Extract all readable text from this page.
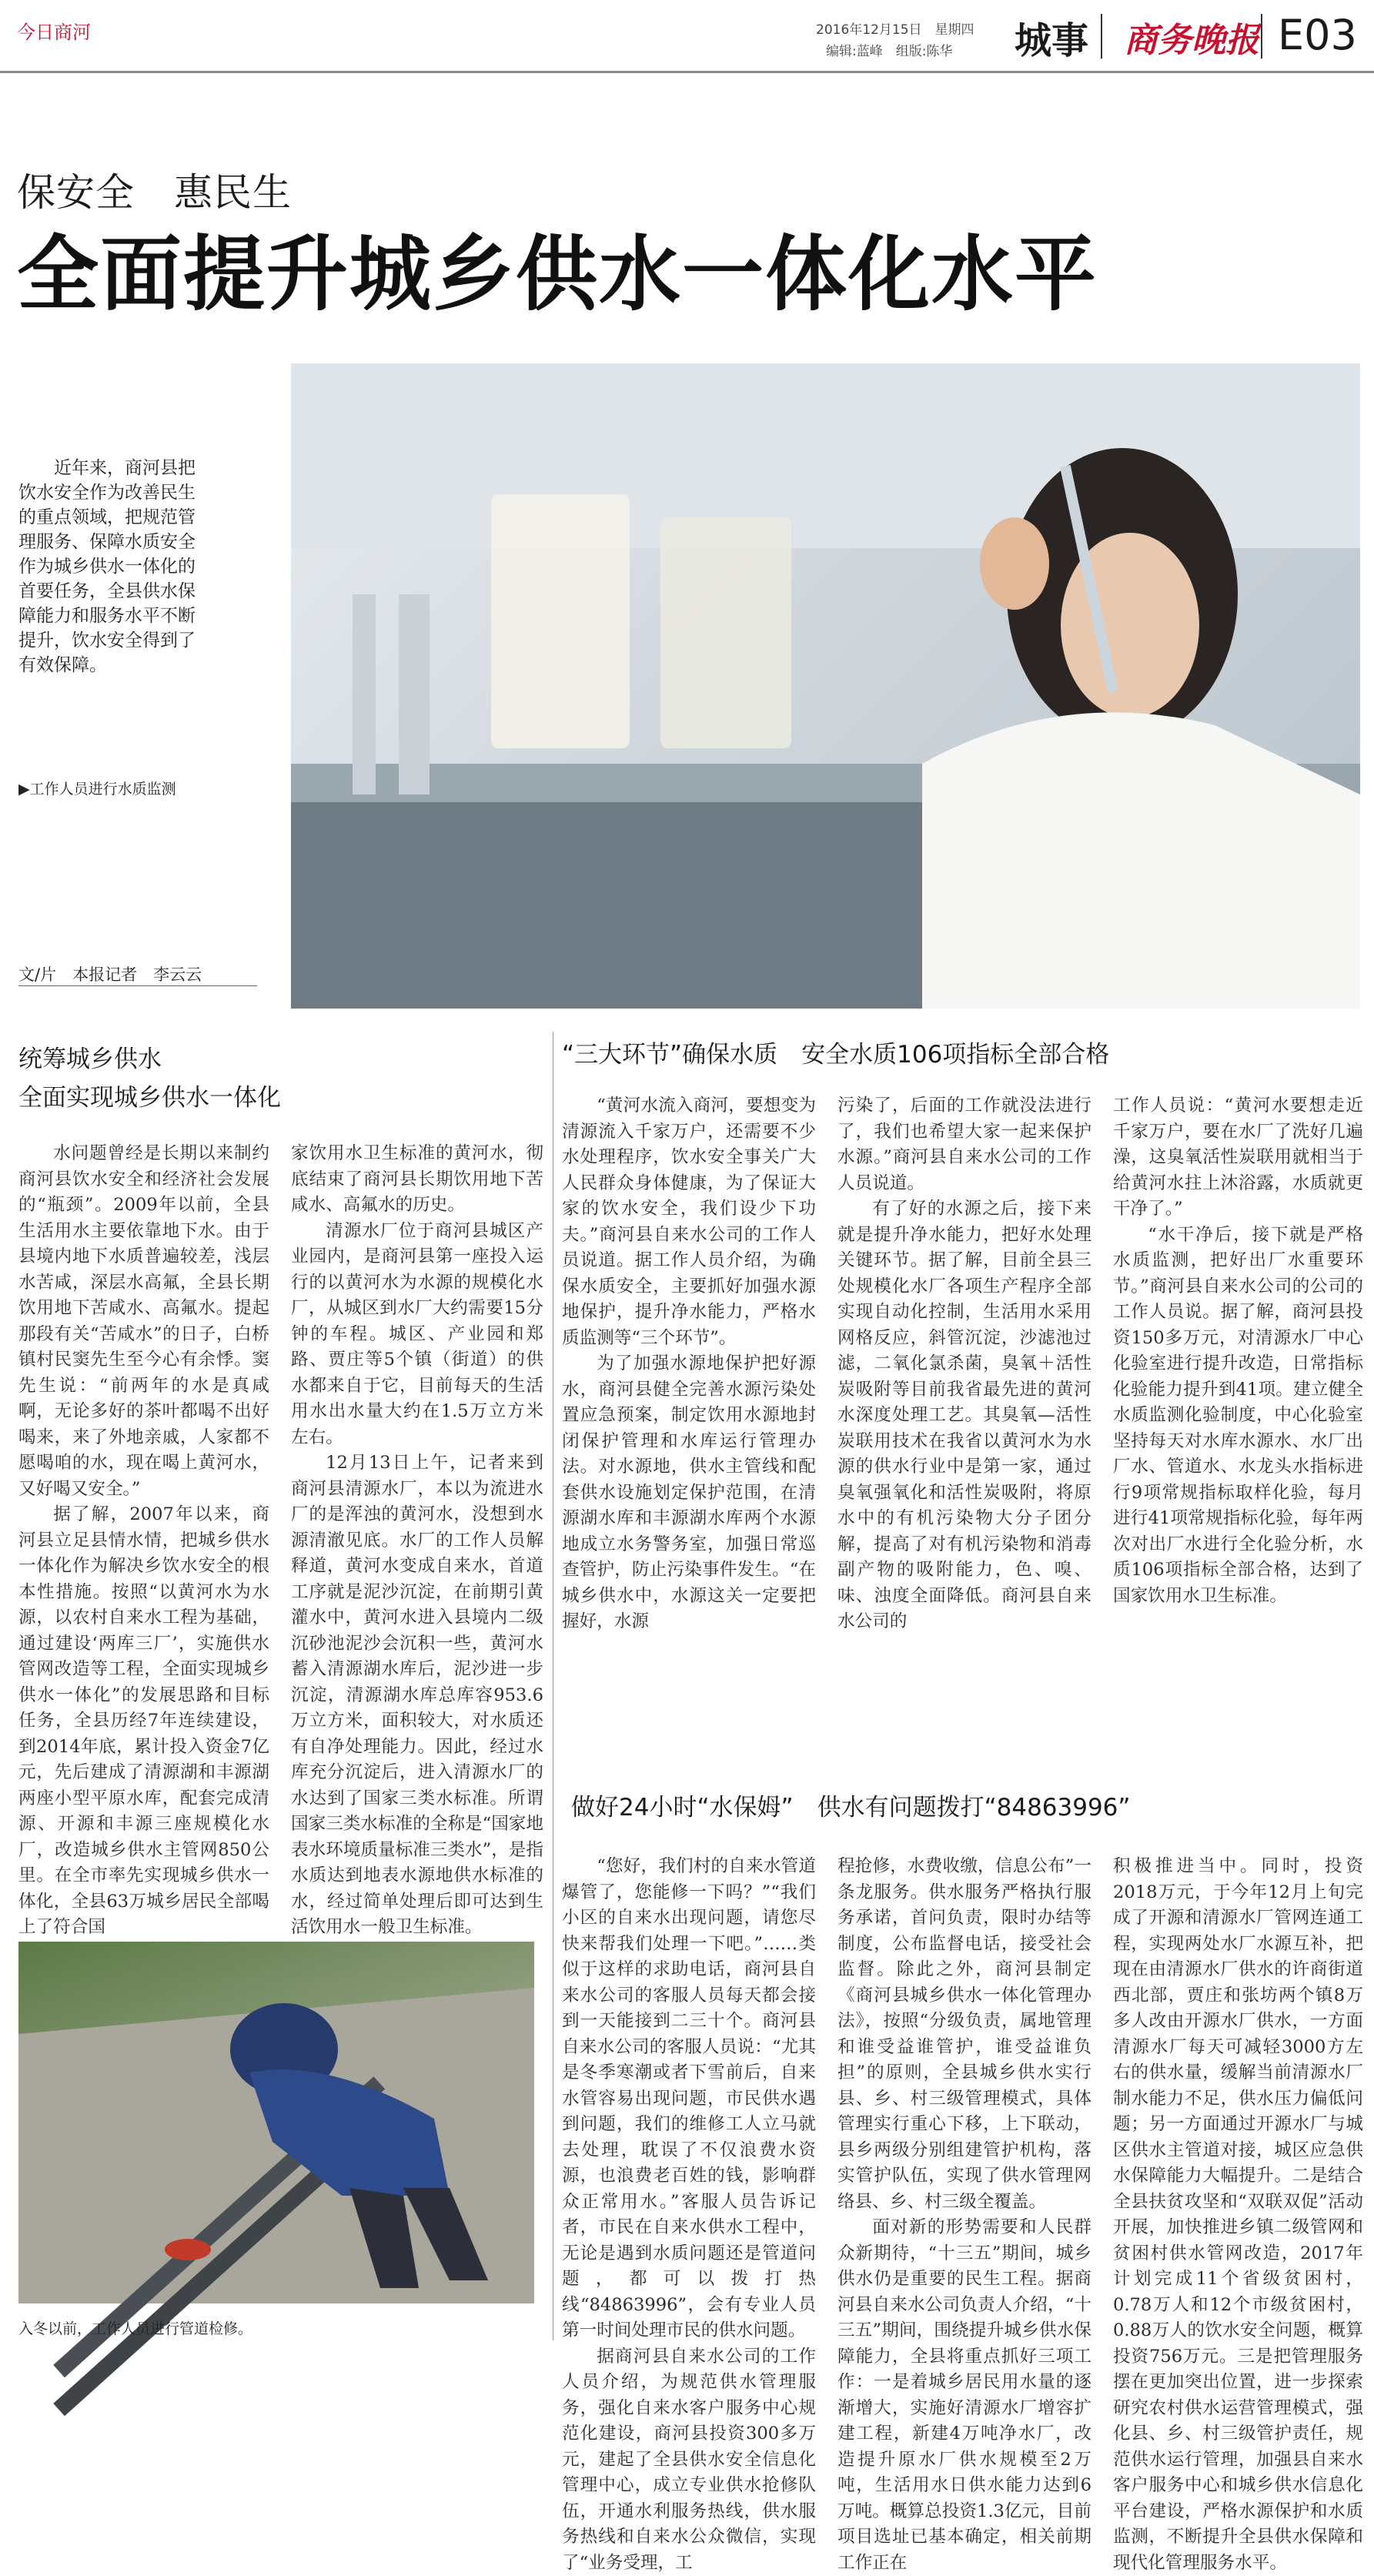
今日商河	2016年12月15日　星期四
编辑:蓝峰　组版:陈华 城事 商务晚报 E03
保安全　惠民生
全面提升城乡供水一体化水平
近年来，商河县把饮水安全作为改善民生的重点领域，把规范管理服务、保障水质安全作为城乡供水一体化的首要任务，全县供水保障能力和服务水平不断提升，饮水安全得到了有效保障。
▶工作人员进行水质监测
文/片　本报记者　李云云
统筹城乡供水
全面实现城乡供水一体化

水问题曾经是长期以来制约商河县饮水安全和经济社会发展的“瓶颈”。2009年以前，全县生活用水主要依靠地下水。由于县境内地下水质普遍较差，浅层水苦咸，深层水高氟，全县长期饮用地下苦咸水、高氟水。提起那段有关“苦咸水”的日子，白桥镇村民窦先生至今心有余悸。窦先生说：“前两年的水是真咸啊，无论多好的茶叶都喝不出好喝来，来了外地亲戚，人家都不愿喝咱的水，现在喝上黄河水，又好喝又安全。”

据了解，2007年以来，商河县立足县情水情，把城乡供水一体化作为解决乡饮水安全的根本性措施。按照“以黄河水为水源，以农村自来水工程为基础，通过建设‘两库三厂’，实施供水管网改造等工程，全面实现城乡供水一体化”的发展思路和目标任务，全县历经7年连续建设，到2014年底，累计投入资金7亿元，先后建成了清源湖和丰源湖两座小型平原水库，配套完成清源、开源和丰源三座规模化水厂，改造城乡供水主管网850公里。在全市率先实现城乡供水一体化，全县63万城乡居民全部喝上了符合国

家饮用水卫生标准的黄河水，彻底结束了商河县长期饮用地下苦咸水、高氟水的历史。

清源水厂位于商河县城区产业园内，是商河县第一座投入运行的以黄河水为水源的规模化水厂，从城区到水厂大约需要15分钟的车程。城区、产业园和郑路、贾庄等5个镇（街道）的供水都来自于它，目前每天的生活用水出水量大约在1.5万立方米左右。

12月13日上午，记者来到商河县清源水厂，本以为流进水厂的是浑浊的黄河水，没想到水源清澈见底。水厂的工作人员解释道，黄河水变成自来水，首道工序就是泥沙沉淀，在前期引黄灌水中，黄河水进入县境内二级沉砂池泥沙会沉积一些，黄河水蓄入清源湖水库后，泥沙进一步沉淀，清源湖水库总库容953.6万立方米，面积较大，对水质还有自净处理能力。因此，经过水库充分沉淀后，进入清源水厂的水达到了国家三类水标准。所谓国家三类水标准的全称是“国家地表水环境质量标准三类水”，是指水质达到地表水源地供水标准的水，经过简单处理后即可达到生活饮用水一般卫生标准。

“三大环节”确保水质　安全水质106项指标全部合格

“黄河水流入商河，要想变为清源流入千家万户，还需要不少水处理程序，饮水安全事关广大人民群众身体健康，为了保证大家的饮水安全，我们设少下功夫。”商河县自来水公司的工作人员说道。据工作人员介绍，为确保水质安全，主要抓好加强水源地保护，提升净水能力，严格水质监测等“三个环节”。

为了加强水源地保护把好源水，商河县健全完善水源污染处置应急预案，制定饮用水源地封闭保护管理和水库运行管理办法。对水源地，供水主管线和配套供水设施划定保护范围，在清源湖水库和丰源湖水库两个水源地成立水务警务室，加强日常巡查管护，防止污染事件发生。“在城乡供水中，水源这关一定要把握好，水源

污染了，后面的工作就没法进行了，我们也希望大家一起来保护水源。”商河县自来水公司的工作人员说道。

有了好的水源之后，接下来就是提升净水能力，把好水处理关键环节。据了解，目前全县三处规模化水厂各项生产程序全部实现自动化控制，生活用水采用网格反应，斜管沉淀，沙滤池过滤，二氧化氯杀菌，臭氧＋活性炭吸附等目前我省最先进的黄河水深度处理工艺。其臭氧—活性炭联用技术在我省以黄河水为水源的供水行业中是第一家，通过臭氧强氧化和活性炭吸附，将原水中的有机污染物大分子团分解，提高了对有机污染物和消毒副产物的吸附能力，色、嗅、味、浊度全面降低。商河县自来水公司的

工作人员说：“黄河水要想走近千家万户，要在水厂了洗好几遍澡，这臭氧活性炭联用就相当于给黄河水拄上沐浴露，水质就更干净了。”

“水干净后，接下就是严格水质监测，把好出厂水重要环节。”商河县自来水公司的公司的工作人员说。据了解，商河县投资150多万元，对清源水厂中心化验室进行提升改造，日常指标化验能力提升到41项。建立健全水质监测化验制度，中心化验室坚持每天对水库水源水、水厂出厂水、管道水、水龙头水指标进行9项常规指标取样化验，每月进行41项常规指标化验，每年两次对出厂水进行全化验分析，水质106项指标全部合格，达到了国家饮用水卫生标准。

做好24小时“水保姆”　供水有问题拨打“84863996”

“您好，我们村的自来水管道爆管了，您能修一下吗？”“我们小区的自来水出现问题，请您尽快来帮我们处理一下吧。”……类似于这样的求助电话，商河县自来水公司的客服人员每天都会接到一天能接到二三十个。商河县自来水公司的客服人员说：“尤其是冬季寒潮或者下雪前后，自来水管容易出现问题，市民供水遇到问题，我们的维修工人立马就去处理，耽误了不仅浪费水资源，也浪费老百姓的钱，影响群众正常用水。”客服人员告诉记者，市民在自来水供水工程中，无论是遇到水质问题还是管道问题，都可以拨打热线“84863996”，会有专业人员第一时间处理市民的供水问题。

据商河县自来水公司的工作人员介绍，为规范供水管理服务，强化自来水客户服务中心规范化建设，商河县投资300多万元，建起了全县供水安全信息化管理中心，成立专业供水抢修队伍，开通水利服务热线，供水服务热线和自来水公众微信，实现了“业务受理，工

程抢修，水费收缴，信息公布”一条龙服务。供水服务严格执行服务承诺，首问负责，限时办结等制度，公布监督电话，接受社会监督。除此之外，商河县制定《商河县城乡供水一体化管理办法》，按照“分级负责，属地管理和谁受益谁管护，谁受益谁负担”的原则，全县城乡供水实行县、乡、村三级管理模式，具体管理实行重心下移，上下联动，县乡两级分别组建管护机构，落实管护队伍，实现了供水管理网络县、乡、村三级全覆盖。

面对新的形势需要和人民群众新期待，“十三五”期间，城乡供水仍是重要的民生工程。据商河县自来水公司负责人介绍，“十三五”期间，围绕提升城乡供水保障能力，全县将重点抓好三项工作：一是着城乡居民用水量的逐渐增大，实施好清源水厂增容扩建工程，新建4万吨净水厂，改造提升原水厂供水规模至2万吨，生活用水日供水能力达到6万吨。概算总投资1.3亿元，目前项目选址已基本确定，相关前期工作正在

积极推进当中。同时，投资2018万元，于今年12月上旬完成了开源和清源水厂管网连通工程，实现两处水厂水源互补，把现在由清源水厂供水的许商街道西北部，贾庄和张坊两个镇8万多人改由开源水厂供水，一方面清源水厂每天可减轻3000方左右的供水量，缓解当前清源水厂制水能力不足，供水压力偏低问题；另一方面通过开源水厂与城区供水主管道对接，城区应急供水保障能力大幅提升。二是结合全县扶贫攻坚和“双联双促”活动开展，加快推进乡镇二级管网和贫困村供水管网改造，2017年计划完成11个省级贫困村，0.78万人和12个市级贫困村，0.88万人的饮水安全问题，概算投资756万元。三是把管理服务摆在更加突出位置，进一步探索研究农村供水运营管理模式，强化县、乡、村三级管护责任，规范供水运行管理，加强县自来水客户服务中心和城乡供水信息化平台建设，严格水源保护和水质监测，不断提升全县供水保障和现代化管理服务水平。

入冬以前，工作人员进行管道检修。
